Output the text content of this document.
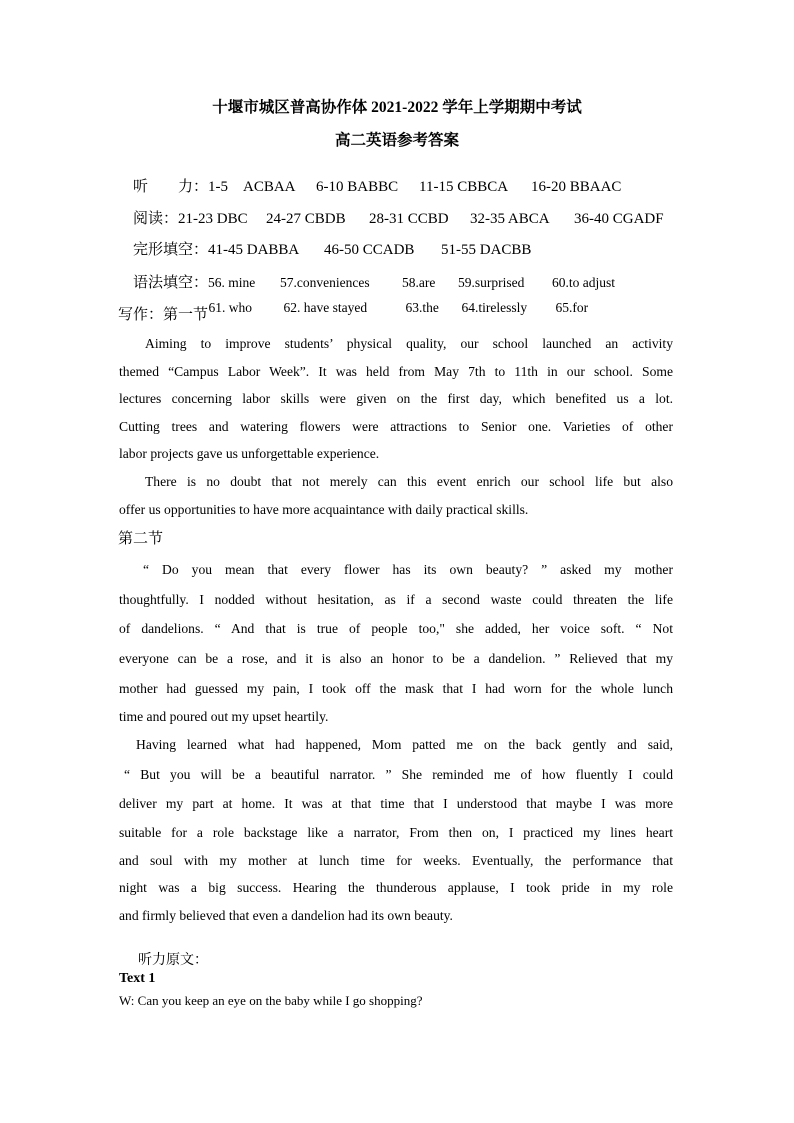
十堰市城区普高协作体 2021-2022 学年上学期期中考试
高二英语参考答案

听　　力：1-5　ACBAA 6-10 BABBC 11-15 CBBCA 16-20 BBAAC

阅读：21-23 DBC 24-27 CBDB 28-31 CCBD 32-35 ABCA 36-40 CGADF

完形填空：41-45 DABBA 46-50 CCADB 51-55 DACBB

语法填空：56. mine 57.conveniences 58.are 59.surprised 60.to adjust

61. who 62. have stayed	63.the 64.tirelessly 65.for

写作：第一节
Aiming to improve students’ physical quality, our school launched an activity
themed “Campus Labor Week”. It was held from May 7th to 11th in our school. Some
lectures concerning labor skills were given on the first day, which benefited us a lot.
Cutting trees and watering flowers were attractions to Senior one. Varieties of other
labor projects gave us unforgettable experience.
There is no doubt that not merely can this event enrich our school life but also
offer us opportunities to have more acquaintance with daily practical skills.
第二节
“ Do you mean that every flower has its own beauty? ” asked my mother
thoughtfully. I nodded without hesitation, as if a second waste could threaten the life
of dandelions. “ And that is true of people too," she added, her voice soft. “ Not
everyone can be a rose, and it is also an honor to be a dandelion. ” Relieved that my
mother had guessed my pain, I took off the mask that I had worn for the whole lunch
time and poured out my upset heartily.
Having learned what had happened, Mom patted me on the back gently and said,
“ But you will be a beautiful narrator. ” She reminded me of how fluently I could
deliver my part at home. It was at that time that I understood that maybe I was more
suitable for a role backstage like a narrator, From then on, I practiced my lines heart
and soul with my mother at lunch time for weeks. Eventually, the performance that
night was a big success. Hearing the thunderous applause, I took pride in my role
and firmly believed that even a dandelion had its own beauty.
听力原文：
Text 1
W: Can you keep an eye on the baby while I go shopping?
